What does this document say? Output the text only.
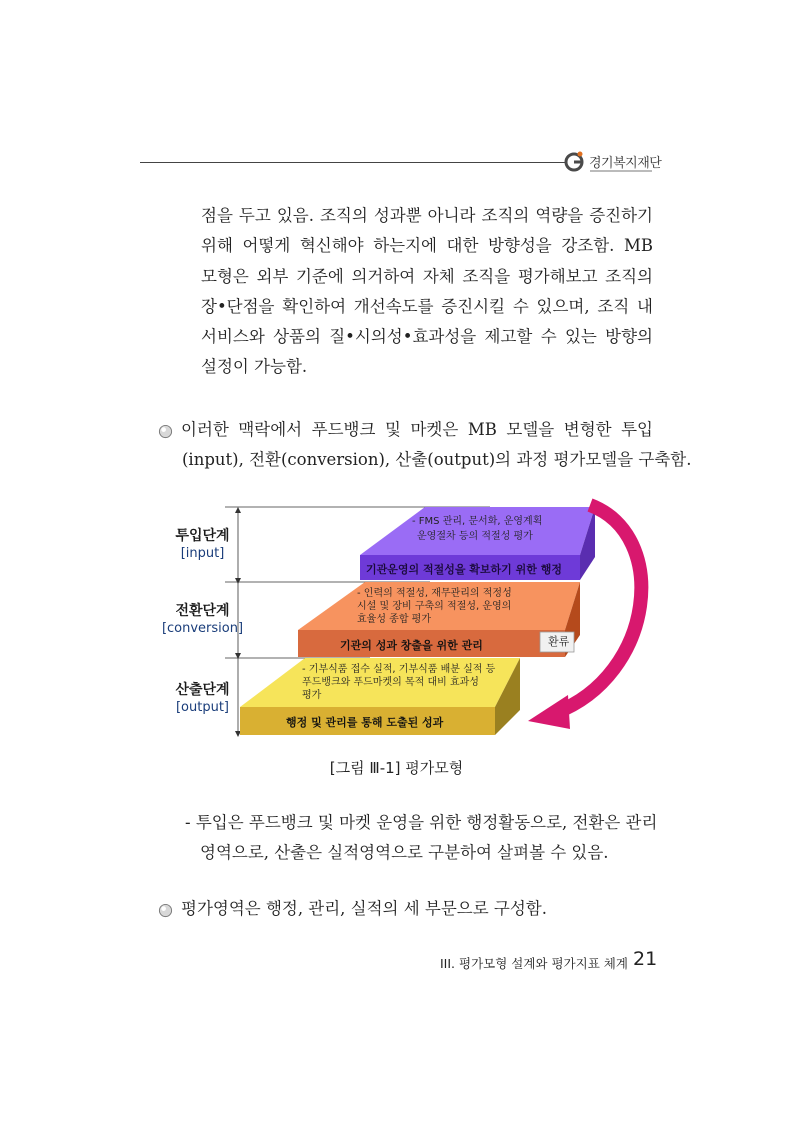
경기복지재단
점을 두고 있음. 조직의 성과뿐 아니라 조직의 역량을 증진하기
위해 어떻게 혁신해야 하는지에 대한 방향성을 강조함. MB
모형은 외부 기준에 의거하여 자체 조직을 평가해보고 조직의
장•단점을 확인하여 개선속도를 증진시킬 수 있으며, 조직 내
서비스와 상품의 질•시의성•효과성을 제고할 수 있는 방향의
설정이 가능함.
이러한 맥락에서 푸드뱅크 및 마켓은 MB 모델을 변형한 투입
(input), 전환(conversion), 산출(output)의 과정 평가모델을 구축함.
투입단계
[input]
전환단계
[conversion]
산출단계
[output]
- FMS 관리, 문서화, 운영계획
운영절차 등의 적절성 평가
기관운영의 적절성을 확보하기 위한 행정
- 인력의 적절성, 재무관리의 적정성
시설 및 장비 구축의 적절성, 운영의
효율성 종합 평가
기관의 성과 창출을 위한 관리	환류
- 기부식품 접수 실적, 기부식품 배분 실적 등
푸드뱅크와 푸드마켓의 목적 대비 효과성
평가
행정 및 관리를 통해 도출된 성과
[그림 Ⅲ-1] 평가모형
- 투입은 푸드뱅크 및 마켓 운영을 위한 행정활동으로, 전환은 관리
영역으로, 산출은 실적영역으로 구분하여 살펴볼 수 있음.
평가영역은 행정, 관리, 실적의 세 부문으로 구성함.
III. 평가모형 설계와 평가지표 체계 21
